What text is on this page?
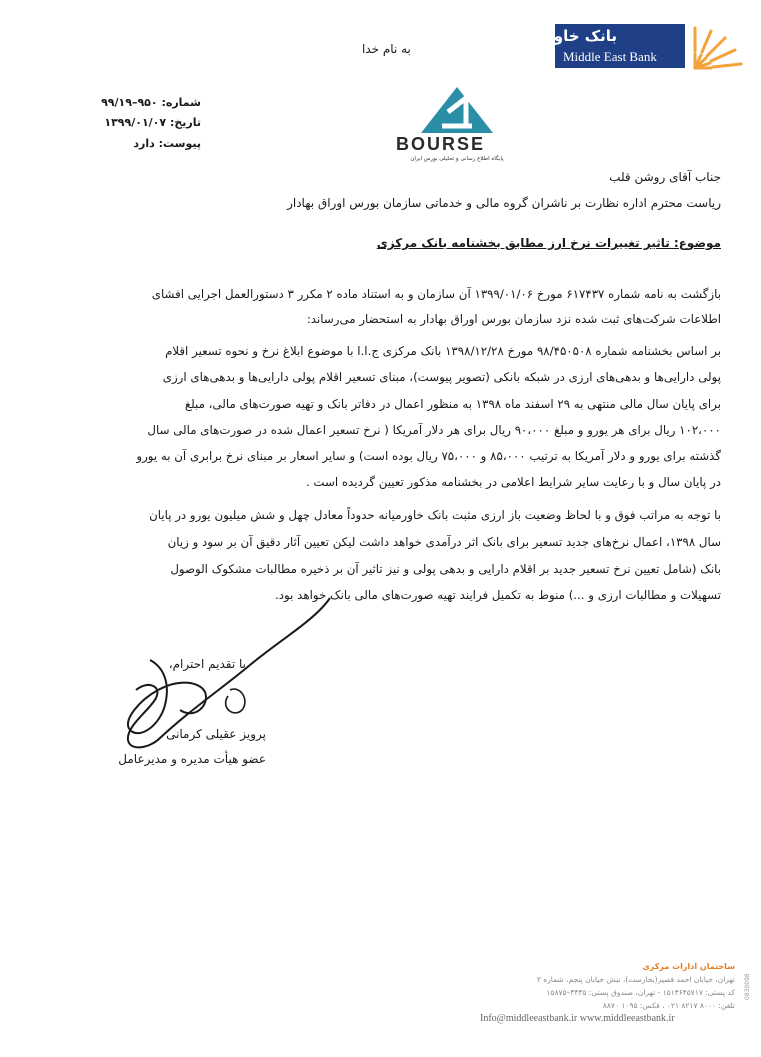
بانک خاورمیانه
Middle East Bank
به نام خدا
BOURSE
پایگاه اطلاع رسانی و تحلیلی بورس ایران
شماره: ۹۵۰–۹۹/۱۹
تاریخ: ۱۳۹۹/۰۱/۰۷
پیوست: دارد
جناب آقای روشن قلب
ریاست محترم اداره نظارت بر ناشران گروه مالی و خدماتی سازمان بورس اوراق بهادار
موضوع: تاثیر تغییرات نرخ ارز مطابق بخشنامه بانک مرکزی
بازگشت به نامه شماره ۶۱۷۴۳۷ مورخ ۱۳۹۹/۰۱/۰۶ آن سازمان و به استناد ماده ۲ مکرر ۳ دستورالعمل اجرایی افشای
اطلاعات شرکت‌های ثبت شده نزد سازمان بورس اوراق بهادار به استحضار می‌رساند:
بر اساس بخشنامه شماره ۹۸/۴۵۰۵۰۸ مورخ ۱۳۹۸/۱۲/۲۸ بانک مرکزی ج.ا.ا با موضوع ابلاغ نرخ و نحوه تسعیر اقلام
پولی دارایی‌ها و بدهی‌های ارزی در شبکه بانکی (تصویر پیوست)، مبنای تسعیر اقلام پولی دارایی‌ها و بدهی‌های ارزی
برای پایان سال مالی منتهی به ۲۹ اسفند ماه ۱۳۹۸ به منظور اعمال در دفاتر بانک و تهیه صورت‌های مالی، مبلغ
۱۰۲،۰۰۰ ریال برای هر یورو و مبلغ ۹۰،۰۰۰ ریال برای هر دلار آمریکا ( نرخ تسعیر اعمال شده در صورت‌های مالی سال
گذشته برای یورو و دلار آمریکا به ترتیب ۸۵،۰۰۰ و ۷۵،۰۰۰ ریال بوده است) و سایر اسعار بر مبنای نرخ برابری آن به یورو
در پایان سال و با رعایت سایر شرایط اعلامی در بخشنامه مذکور تعیین گردیده است .
با توجه به مراتب فوق و با لحاظ وضعیت باز ارزی مثبت بانک خاورمیانه حدوداً معادل چهل و شش میلیون یورو در پایان
سال ۱۳۹۸، اعمال نرخ‌های جدید تسعیر برای بانک اثر درآمدی خواهد داشت لیکن تعیین آثار دقیق آن بر سود و زیان
بانک (شامل تعیین نرخ تسعیر جدید بر اقلام دارایی و بدهی پولی و نیز تاثیر آن بر ذخیره مطالبات مشکوک الوصول
تسهیلات و مطالبات ارزی و ...) منوط به تکمیل فرایند تهیه صورت‌های مالی بانک خواهد بود.
با تقدیم احترام،
پرویز عقیلی کرمانی
عضو هیأت مدیره و مدیرعامل
ساختمان ادارات مرکزی
تهران، خیابان احمد قصیر(بخارست)، نبش خیابان پنجم، شماره ۲
کد پستی: ۱۵۱۳۶۴۵۷۱۷ - تهران، صندوق پستی: ۴۴۴۵–۱۵۸۷۵
تلفن: ۸۰۰۰ ۸۲۱۷ ۰۲۱ ، فکس: ۱۰۹۵ ۸۸۷۰
Info@middleeastbank.ir www.middleeastbank.ir
0830098
